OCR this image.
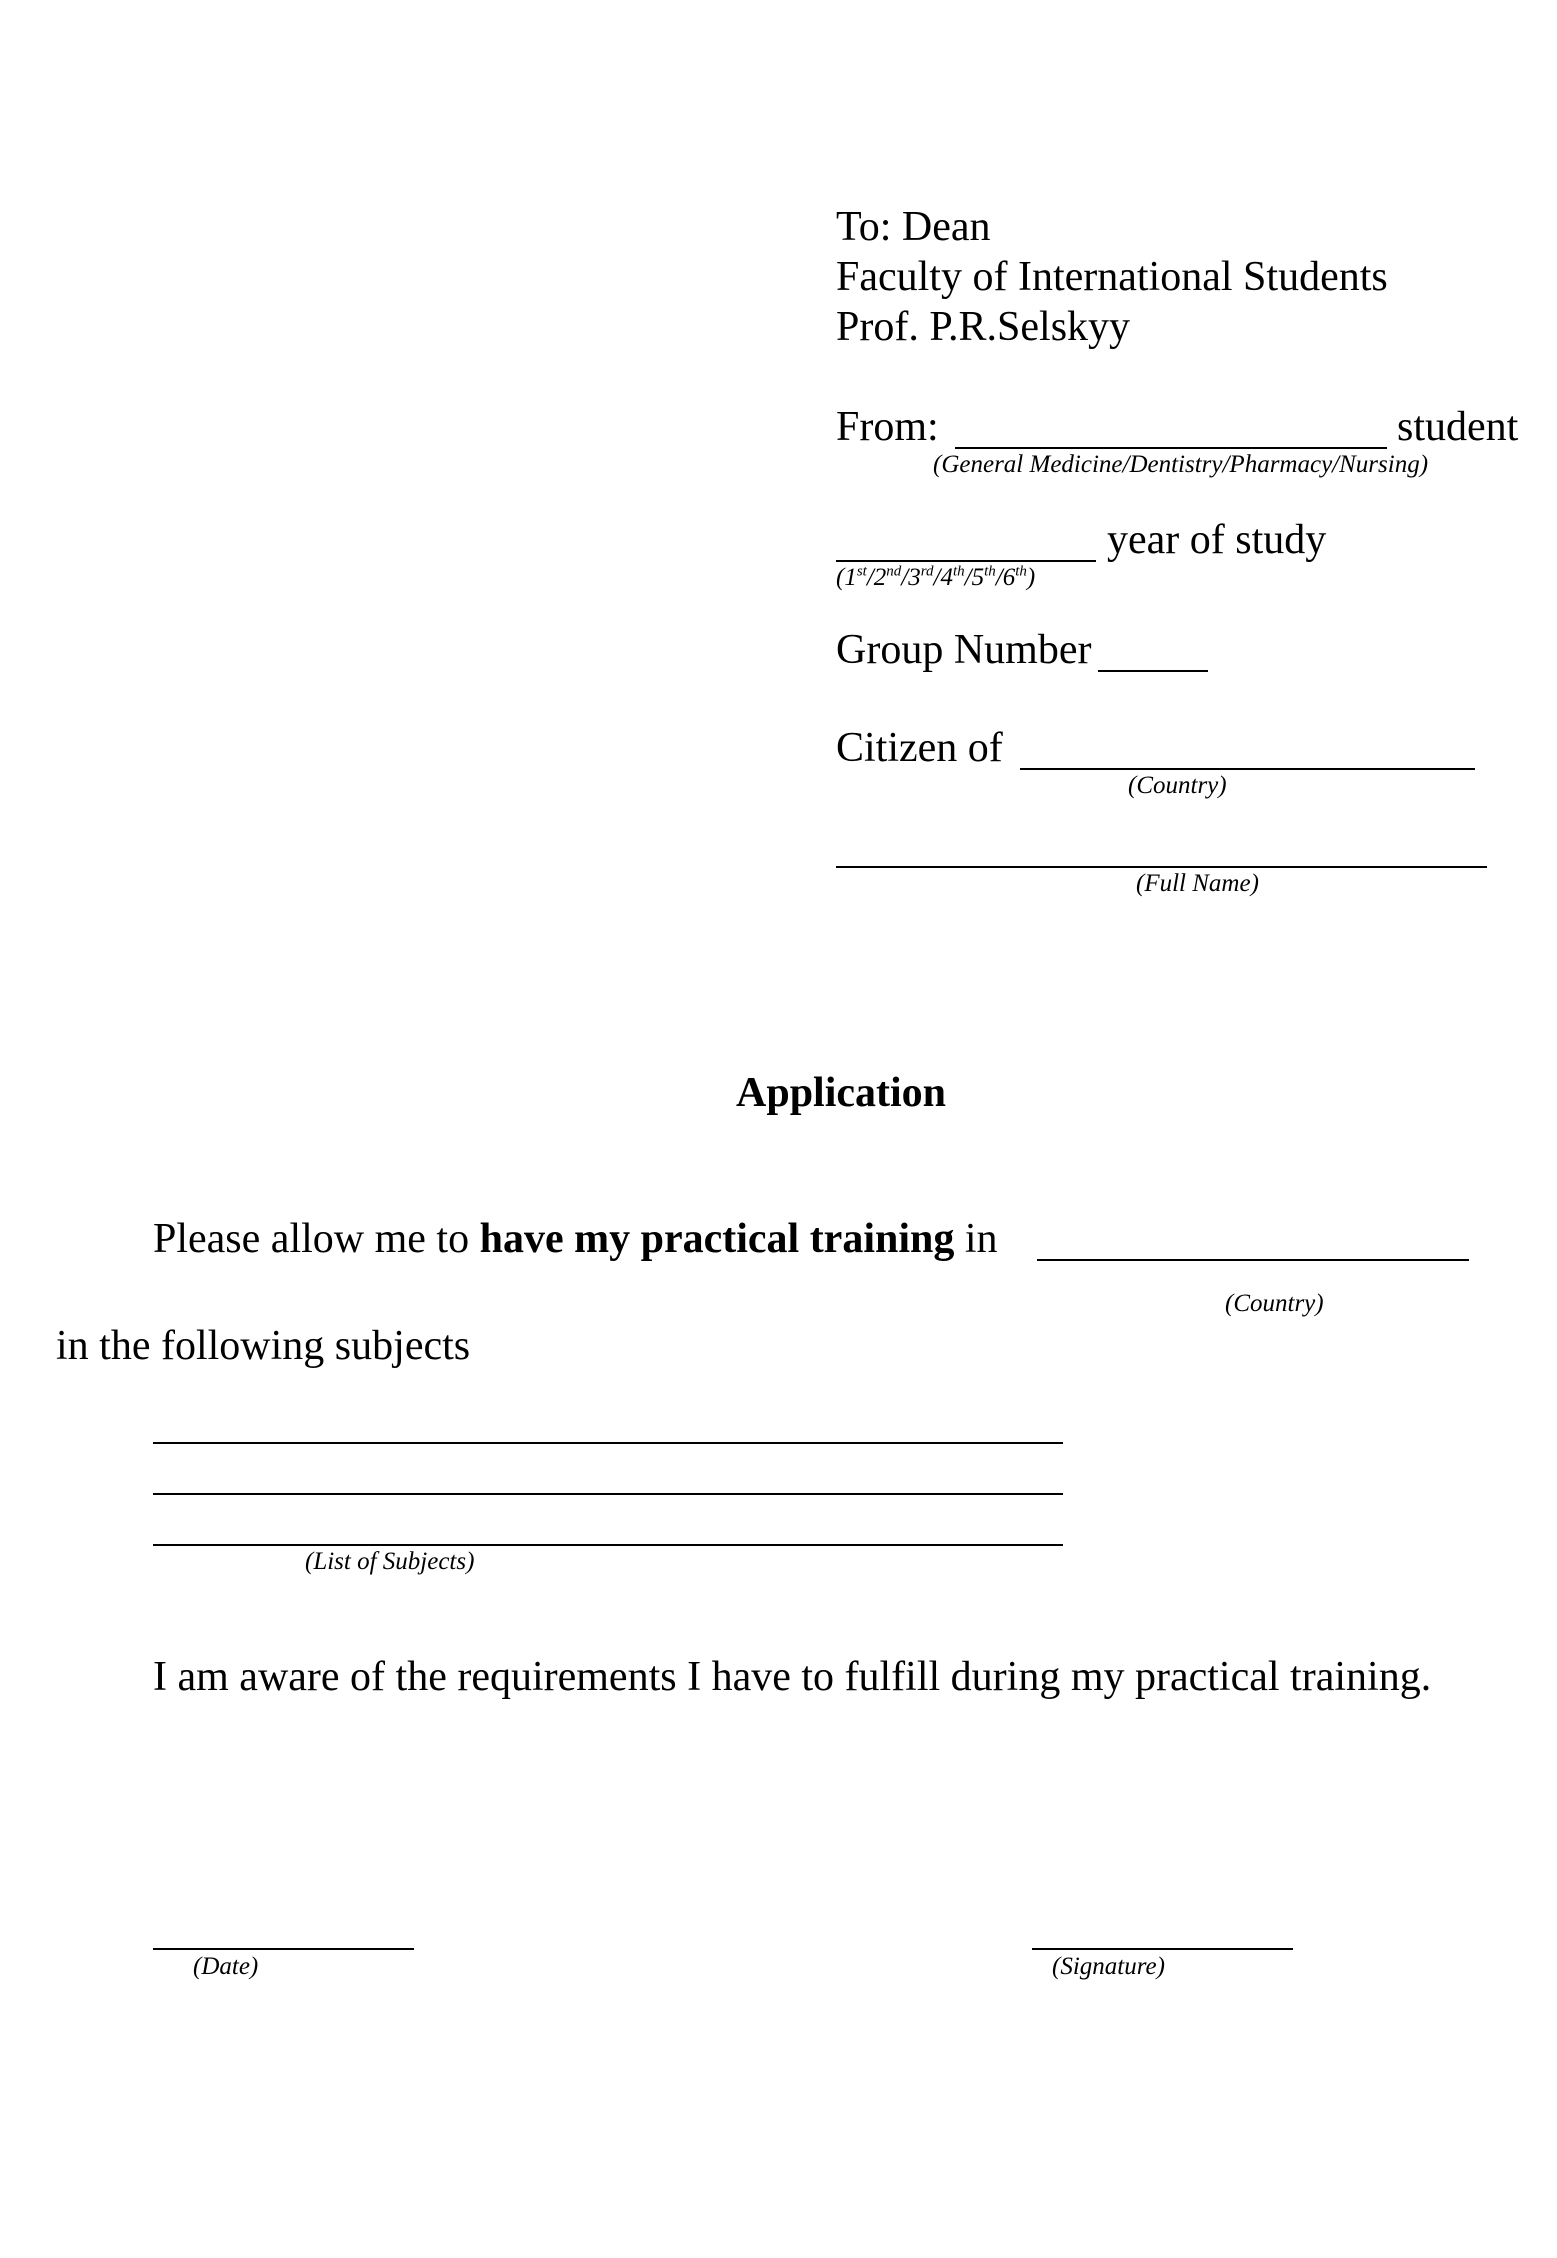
To: Dean
Faculty of International Students
Prof. P.R.Selskyy
From:	student
(General Medicine/Dentistry/Pharmacy/Nursing)
year of study
(1st/2nd/3rd/4th/5th/6th)
Group Number
Citizen of
(Country)
(Full Name)
Application
Please allow me to have my practical training in
(Country)
in the following subjects
(List of Subjects)
I am aware of the requirements I have to fulfill during my practical training.
(Date)	(Signature)
